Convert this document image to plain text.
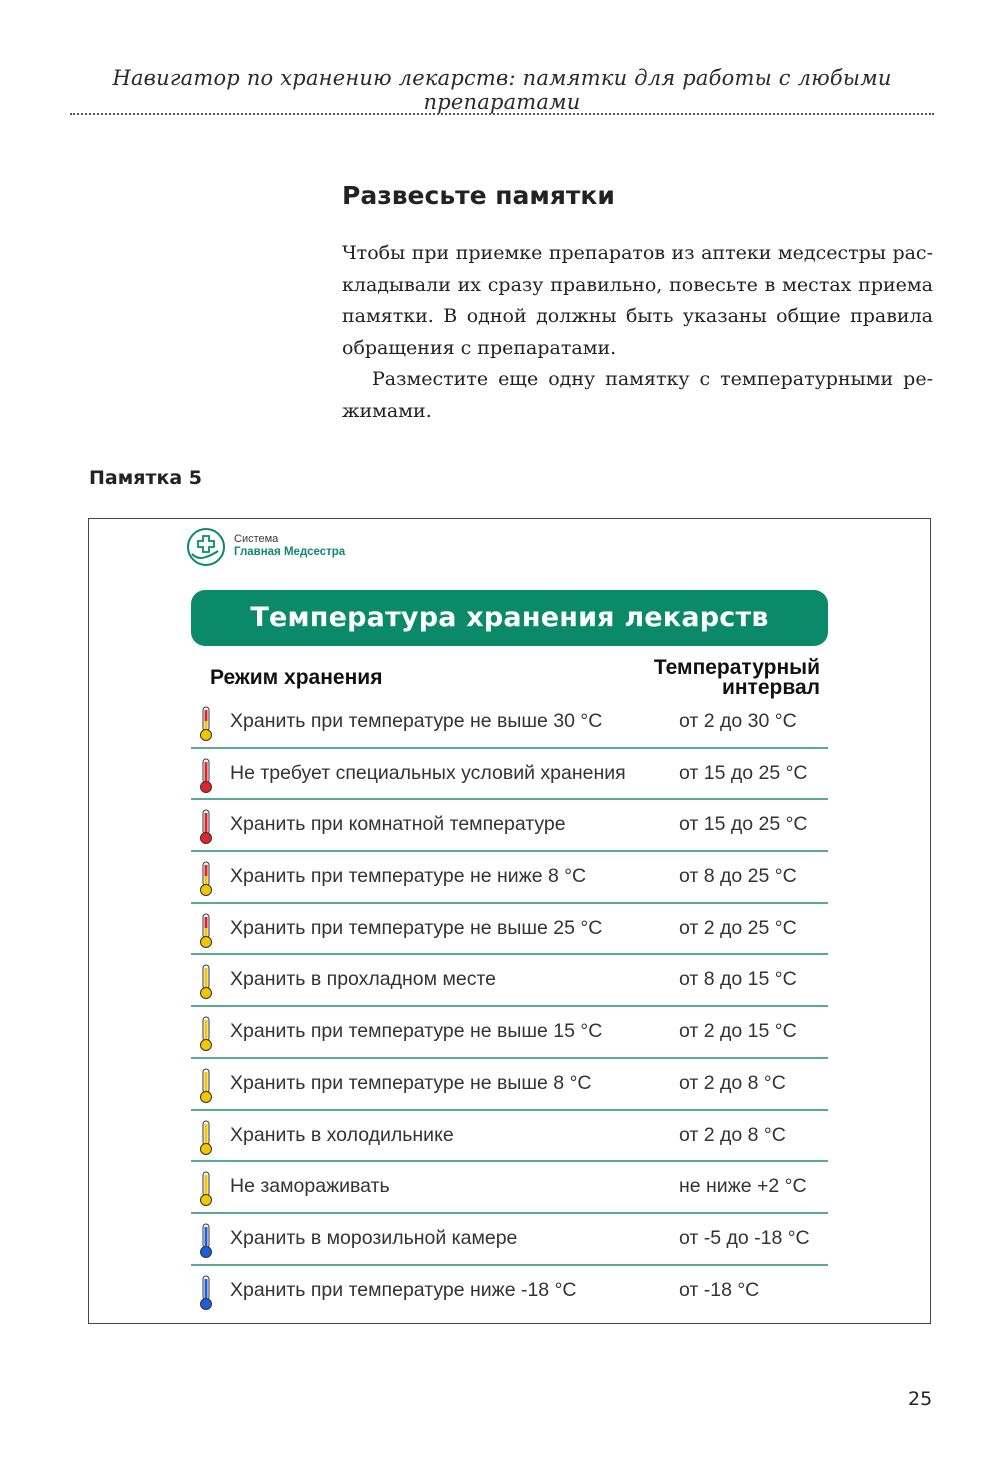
Навигатор по хранению лекарств: памятки для работы с любыми препаратами
Развесьте памятки

Чтобы при приемке препаратов из аптеки медсестры раскладывали их сразу правильно, повесьте в местах приема памятки. В одной должны быть указаны общие правила обращения с препаратами.

Разместите еще одну памятку с температурными режимами.

Памятка 5
Система
Главная Медсестра
Температура хранения лекарств
Режим хранения	Температурный
интервал
Хранить при температуре не выше 30 °C	от 2 до 30 °C
Не требует специальных условий хранения	от 15 до 25 °C
Хранить при комнатной температуре	от 15 до 25 °C
Хранить при температуре не ниже 8 °C	от 8 до 25 °C
Хранить при температуре не выше 25 °C	от 2 до 25 °C
Хранить в прохладном месте	от 8 до 15 °C
Хранить при температуре не выше 15 °C	от 2 до 15 °C
Хранить при температуре не выше 8 °C	от 2 до 8 °C
Хранить в холодильнике	от 2 до 8 °C
Не замораживать	не ниже +2 °C
Хранить в морозильной камере	от -5 до -18 °C
Хранить при температуре ниже -18 °C	от -18 °C
25
